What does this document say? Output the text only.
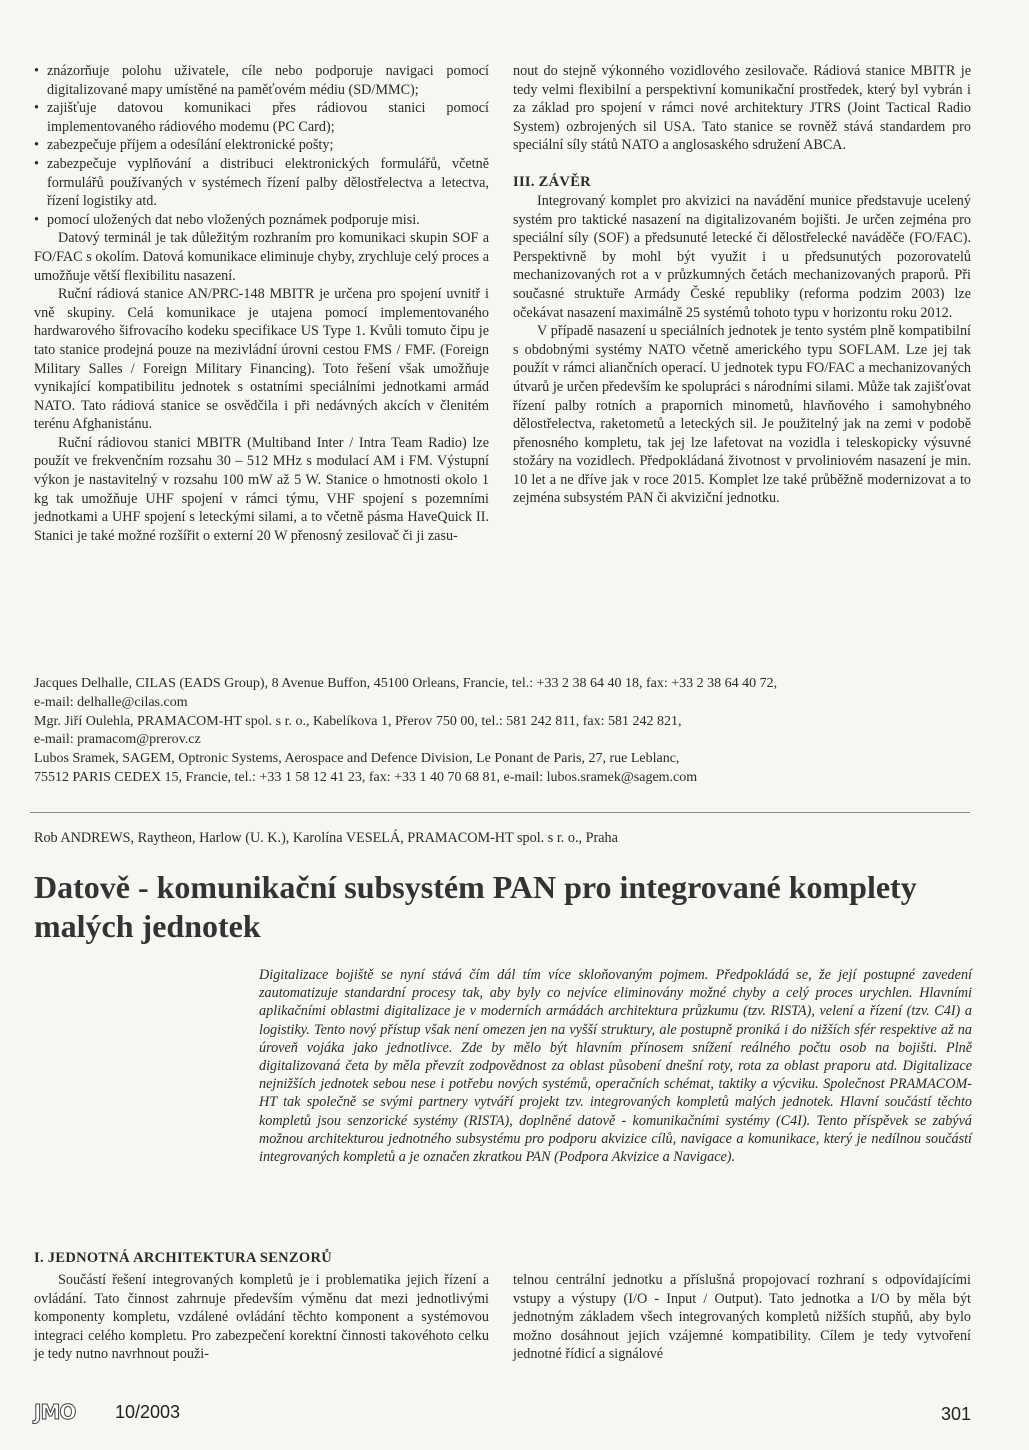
• znázorňuje polohu uživatele, cíle nebo podporuje navigaci pomocí digitalizované mapy umístěné na paměťovém médiu (SD/MMC);
• zajišťuje datovou komunikaci přes rádiovou stanici pomocí implementovaného rádiového modemu (PC Card);
• zabezpečuje příjem a odesílání elektronické pošty;
• zabezpečuje vyplňování a distribuci elektronických formulářů, včetně formulářů používaných v systémech řízení palby dělostřelectva a letectva, řízení logistiky atd.
• pomocí uložených dat nebo vložených poznámek podporuje misi.

Datový terminál je tak důležitým rozhraním pro komunikaci skupin SOF a FO/FAC s okolím. Datová komunikace eliminuje chyby, zrychluje celý proces a umožňuje větší flexibilitu nasazení.

Ruční rádiová stanice AN/PRC-148 MBITR je určena pro spojení uvnitř i vně skupiny. Celá komunikace je utajena pomocí implementovaného hardwarového šifrovacího kodeku specifikace US Type 1. Kvůli tomuto čipu je tato stanice prodejná pouze na mezivládní úrovni cestou FMS / FMF. (Foreign Military Salles / Foreign Military Financing). Toto řešení však umožňuje vynikající kompatibilitu jednotek s ostatními speciálními jednotkami armád NATO. Tato rádiová stanice se osvědčila i při nedávných akcích v členitém terénu Afghanistánu.

Ruční rádiovou stanici MBITR (Multiband Inter / Intra Team Radio) lze použít ve frekvenčním rozsahu 30 – 512 MHz s modulací AM i FM. Výstupní výkon je nastavitelný v rozsahu 100 mW až 5 W. Stanice o hmotnosti okolo 1 kg tak umožňuje UHF spojení v rámci týmu, VHF spojení s pozemními jednotkami a UHF spojení s leteckými silami, a to včetně pásma HaveQuick II. Stanici je také možné rozšířit o externí 20 W přenosný zesilovač či ji zasu-

nout do stejně výkonného vozidlového zesilovače. Rádiová stanice MBITR je tedy velmi flexibilní a perspektivní komunikační prostředek, který byl vybrán i za základ pro spojení v rámci nové architektury JTRS (Joint Tactical Radio System) ozbrojených sil USA. Tato stanice se rovněž stává standardem pro speciální síly států NATO a anglosaského sdružení ABCA.

III. ZÁVĚR

Integrovaný komplet pro akvizici na navádění munice představuje ucelený systém pro taktické nasazení na digitalizovaném bojišti. Je určen zejména pro speciální síly (SOF) a předsunuté letecké či dělostřelecké naváděče (FO/FAC). Perspektivně by mohl být využit i u předsunutých pozorovatelů mechanizovaných rot a v průzkumných četách mechanizovaných praporů. Při současné struktuře Armády České republiky (reforma podzim 2003) lze očekávat nasazení maximálně 25 systémů tohoto typu v horizontu roku 2012.

V případě nasazení u speciálních jednotek je tento systém plně kompatibilní s obdobnými systémy NATO včetně amerického typu SOFLAM. Lze jej tak použít v rámci aliančních operací. U jednotek typu FO/FAC a mechanizovaných útvarů je určen především ke spolupráci s národními silami. Může tak zajišťovat řízení palby rotních a prapornich minometů, hlavňového i samohybného dělostřelectva, raketometů a leteckých sil. Je použitelný jak na zemi v podobě přenosného kompletu, tak jej lze lafetovat na vozidla i teleskopicky výsuvné stožáry na vozidlech. Předpokládaná životnost v prvoliniovém nasazení je min. 10 let a ne dříve jak v roce 2015. Komplet lze také průběžně modernizovat a to zejména subsystém PAN či akviziční jednotku.

Jacques Delhalle, CILAS (EADS Group), 8 Avenue Buffon, 45100 Orleans, Francie, tel.: +33 2 38 64 40 18, fax: +33 2 38 64 40 72,
e-mail: delhalle@cilas.com
Mgr. Jiří Oulehla, PRAMACOM-HT spol. s r. o., Kabelíkova 1, Přerov 750 00, tel.: 581 242 811, fax: 581 242 821,
e-mail: pramacom@prerov.cz
Lubos Sramek, SAGEM, Optronic Systems, Aerospace and Defence Division, Le Ponant de Paris, 27, rue Leblanc,
75512 PARIS CEDEX 15, Francie, tel.: +33 1 58 12 41 23, fax: +33 1 40 70 68 81, e-mail: lubos.sramek@sagem.com
Rob ANDREWS, Raytheon, Harlow (U. K.), Karolína VESELÁ, PRAMACOM-HT spol. s r. o., Praha
Datově - komunikační subsystém PAN pro integrované komplety malých jednotek
Digitalizace bojiště se nyní stává čím dál tím více skloňovaným pojmem. Předpokládá se, že její postupné zavedení zautomatizuje standardní procesy tak, aby byly co nejvíce eliminovány možné chyby a celý proces urychlen. Hlavními aplikačními oblastmi digitalizace je v moderních armádách architektura průzkumu (tzv. RISTA), velení a řízení (tzv. C4I) a logistiky. Tento nový přístup však není omezen jen na vyšší struktury, ale postupně proniká i do nižších sfér respektive až na úroveň vojáka jako jednotlivce. Zde by mělo být hlavním přínosem snížení reálného počtu osob na bojišti. Plně digitalizovaná četa by měla převzít zodpovědnost za oblast působení dnešní roty, rota za oblast praporu atd. Digitalizace nejnižších jednotek sebou nese i potřebu nových systémů, operačních schémat, taktiky a výcviku. Společnost PRAMACOM-HT tak společně se svými partnery vytváří projekt tzv. integrovaných kompletů malých jednotek. Hlavní součástí těchto kompletů jsou senzorické systémy (RISTA), doplněné datově - komunikačními systémy (C4I). Tento příspěvek se zabývá možnou architekturou jednotného subsystému pro podporu akvizice cílů, navigace a komunikace, který je nedílnou součástí integrovaných kompletů a je označen zkratkou PAN (Podpora Akvizice a Navigace).
I. JEDNOTNÁ ARCHITEKTURA SENZORŮ

Součástí řešení integrovaných kompletů je i problematika jejich řízení a ovládání. Tato činnost zahrnuje především výměnu dat mezi jednotlivými komponenty kompletu, vzdálené ovládání těchto komponent a systémovou integraci celého kompletu. Pro zabezpečení korektní činnosti takovéhoto celku je tedy nutno navrhnout použi-

telnou centrální jednotku a příslušná propojovací rozhraní s odpovídajícími vstupy a výstupy (I/O - Input / Output). Tato jednotka a I/O by měla být jednotným základem všech integrovaných kompletů nižších stupňů, aby bylo možno dosáhnout jejich vzájemné kompatibility. Cílem je tedy vytvoření jednotné řídicí a signálové

JMO 10/2003	301
